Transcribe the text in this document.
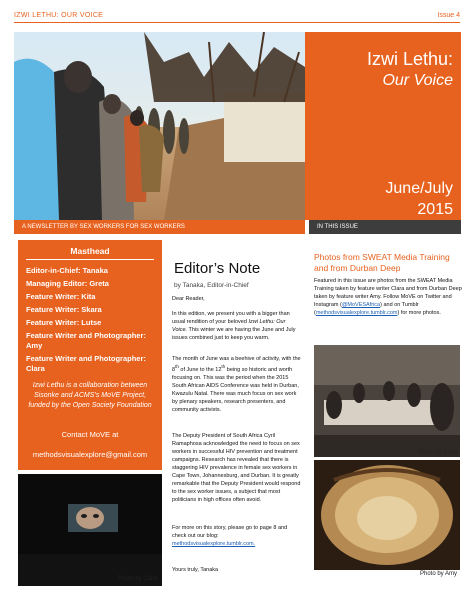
IZWI LETHU: OUR VOICE	Issue 4
Izwi Lethu:
Our Voice
June/July
2015
A NEWSLETTER BY SEX WORKERS FOR SEX WORKERS	IN THIS ISSUE
Masthead
Editor-in-Chief: Tanaka
Managing Editor: Greta
Feature Writer: Kita
Feature Writer: Skara
Feature Writer: Lutse
Feature Writer and Photographer: Amy
Feature Writer and Photographer: Clara
Izwi Lethu is a collaboration between Sisonke and ACMS’s MoVE Project, funded by the Open Society Foundation
Contact MoVE at
methodsvisualexplore@gmail.com
Photo by Clara
Editor’s Note
by Tanaka, Editor-in-Chief
Dear Reader,
In this edition, we present you with a bigger than usual rendition of your beloved Izwi Lethu: Our Voice. This winter we are having the June and July issues combined just to keep you warm.
The month of June was a beehive of activity, with the 8th of June to the 12th being so historic and worth focusing on. This was the period when the 2015 South African AIDS Conference was held in Durban, Kwazulu Natal. There was much focus on sex work by plenary speakers, research presenters, and community activists.
The Deputy President of South Africa Cyril Ramaphosa acknowledged the need to focus on sex workers in successful HIV prevention and treatment campaigns. Research has revealed that there is staggering HIV prevalence in female sex workers in Cape Town, Johannesburg, and Durban. It is greatly remarkable that the Deputy President would respond to the sex worker issues, a subject that most politicians in high offices often avoid.
For more on this story, please go to page 8 and check out our blog: methodsvisualexplore.tumblr.com.
Yours truly, Tanaka
Photos from SWEAT Media Training and from Durban Deep
Featured in this issue are photos from the SWEAT Media Training taken by feature writer Clara and from Durban Deep taken by feature writer Amy. Follow MoVE on Twitter and Instagram (@MoVESAfrica) and on Tumblr (methodsvisualexplore.tumblr.com) for more photos.
Photo by Clara
Photo by Amy
